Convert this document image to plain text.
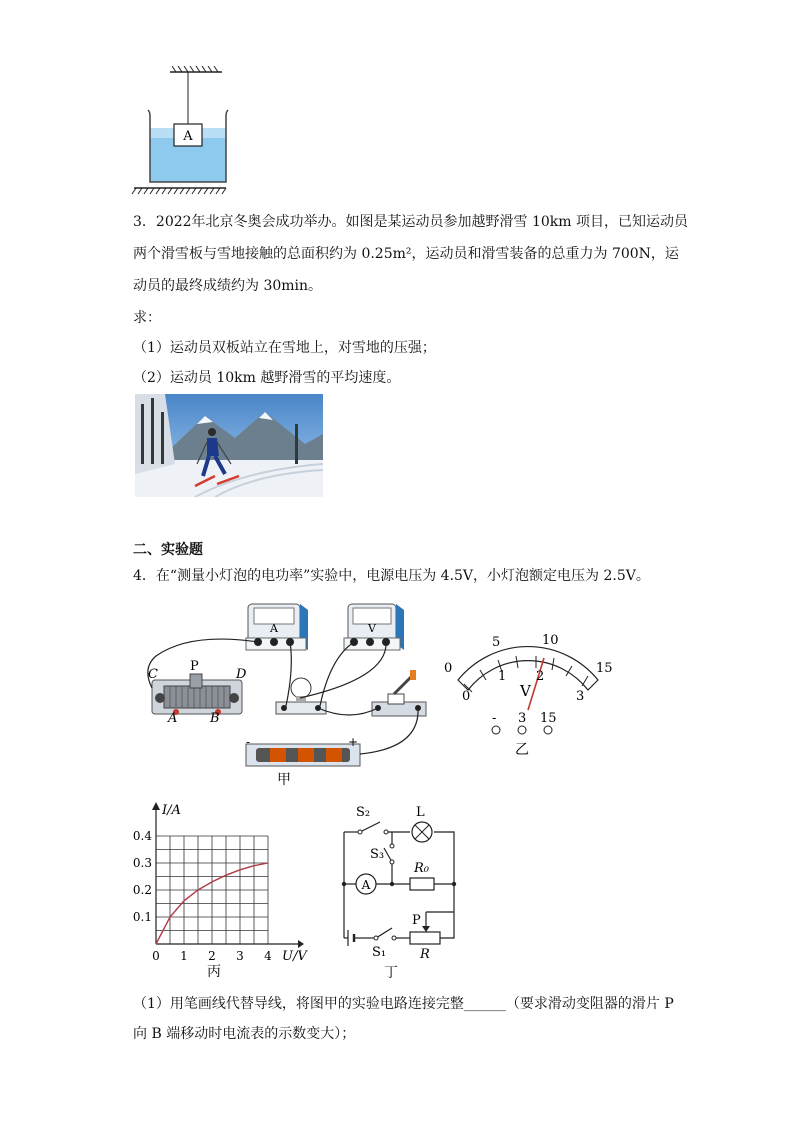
A
3．2022年北京冬奥会成功举办。如图是某运动员参加越野滑雪 10km 项目，已知运动员
两个滑雪板与雪地接触的总面积约为 0.25m²，运动员和滑雪装备的总重力为 700N，运
动员的最终成绩约为 30min。
求：
（1）运动员双板站立在雪地上，对雪地的压强；
（2）运动员 10km 越野滑雪的平均速度。
二、实验题
4．在“测量小灯泡的电功率”实验中，电源电压为 4.5V，小灯泡额定电压为 2.5V。
A	V
C
P
D
A	B
-	+
甲
0
5	10
15
0
1 2
3
V
- 3 15
乙
I/A
U/V
0 1 2 3 4
0.1
0.2
0.3
0.4
丙
A
S₂	L
S₃
R₀
P
R
S₁
丁
（1）用笔画线代替导线，将图甲的实验电路连接完整______（要求滑动变阻器的滑片 P
向 B 端移动时电流表的示数变大）；
